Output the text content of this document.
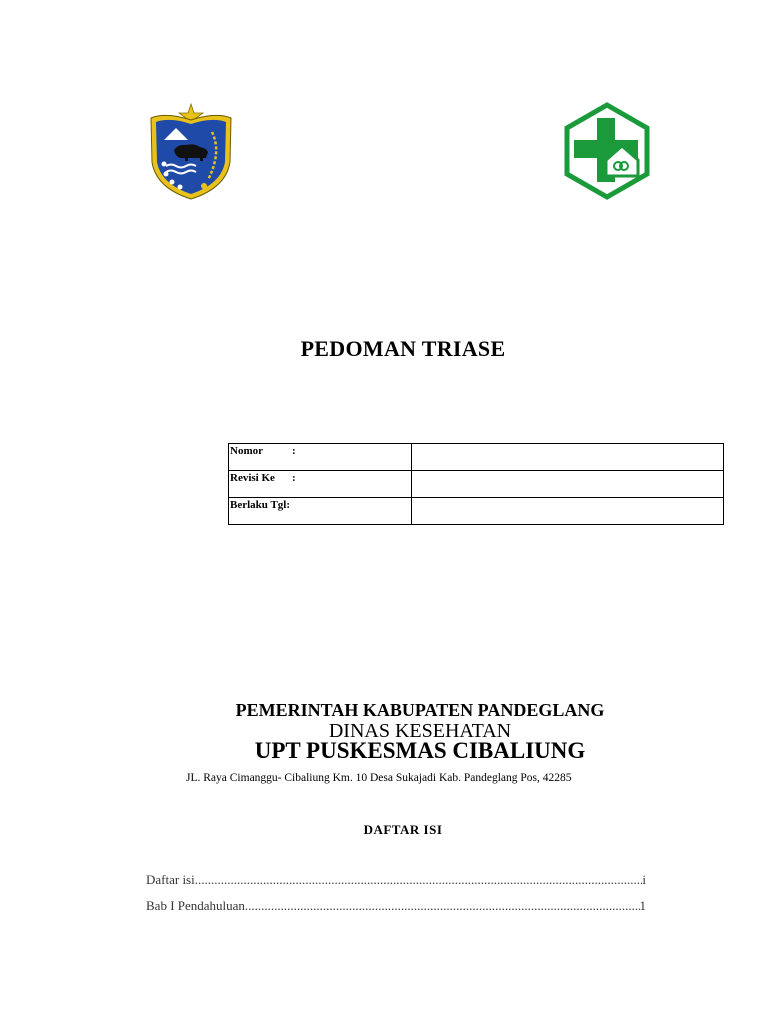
PEDOMAN TRIASE
Nomor :	
Revisi Ke :	
Berlaku Tgl:	
PEMERINTAH KABUPATEN PANDEGLANG
DINAS KESEHATAN
UPT PUSKESMAS CIBALIUNG
JL. Raya Cimanggu- Cibaliung Km. 10 Desa Sukajadi Kab. Pandeglang Pos, 42285
DAFTAR ISI
Daftar isi .....	i
Bab I Pendahuluan .....	1
